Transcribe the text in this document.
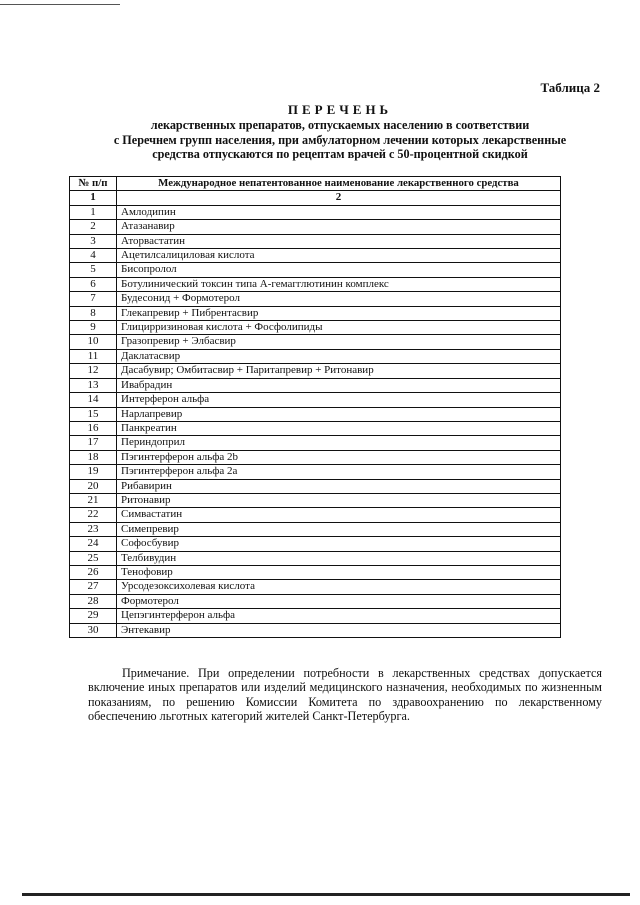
Таблица 2
ПЕРЕЧЕНЬ
лекарственных препаратов, отпускаемых населению в соответствии
с Перечнем групп населения, при амбулаторном лечении которых лекарственные
средства отпускаются по рецептам врачей с 50-процентной скидкой
№ п/п	Международное непатентованное наименование лекарственного средства
1	2
1	Амлодипин
2	Атазанавир
3	Аторвастатин
4	Ацетилсалициловая кислота
5	Бисопролол
6	Ботулинический токсин типа А-гемагглютинин комплекс
7	Будесонид + Формотерол
8	Глекапревир + Пибрентасвир
9	Глицирризиновая кислота + Фосфолипиды
10	Гразопревир + Элбасвир
11	Даклатасвир
12	Дасабувир; Омбитасвир + Паритапревир + Ритонавир
13	Ивабрадин
14	Интерферон альфа
15	Нарлапревир
16	Панкреатин
17	Периндоприл
18	Пэгинтерферон альфа 2b
19	Пэгинтерферон альфа 2a
20	Рибавирин
21	Ритонавир
22	Симвастатин
23	Симепревир
24	Софосбувир
25	Телбивудин
26	Тенофовир
27	Урсодезоксихолевая кислота
28	Формотерол
29	Цепэгинтерферон альфа
30	Энтекавир
Примечание. При определении потребности в лекарственных средствах допускается включение иных препаратов или изделий медицинского назначения, необходимых по жизненным показаниям, по решению Комиссии Комитета по здравоохранению по лекарственному обеспечению льготных категорий жителей Санкт-Петербурга.
